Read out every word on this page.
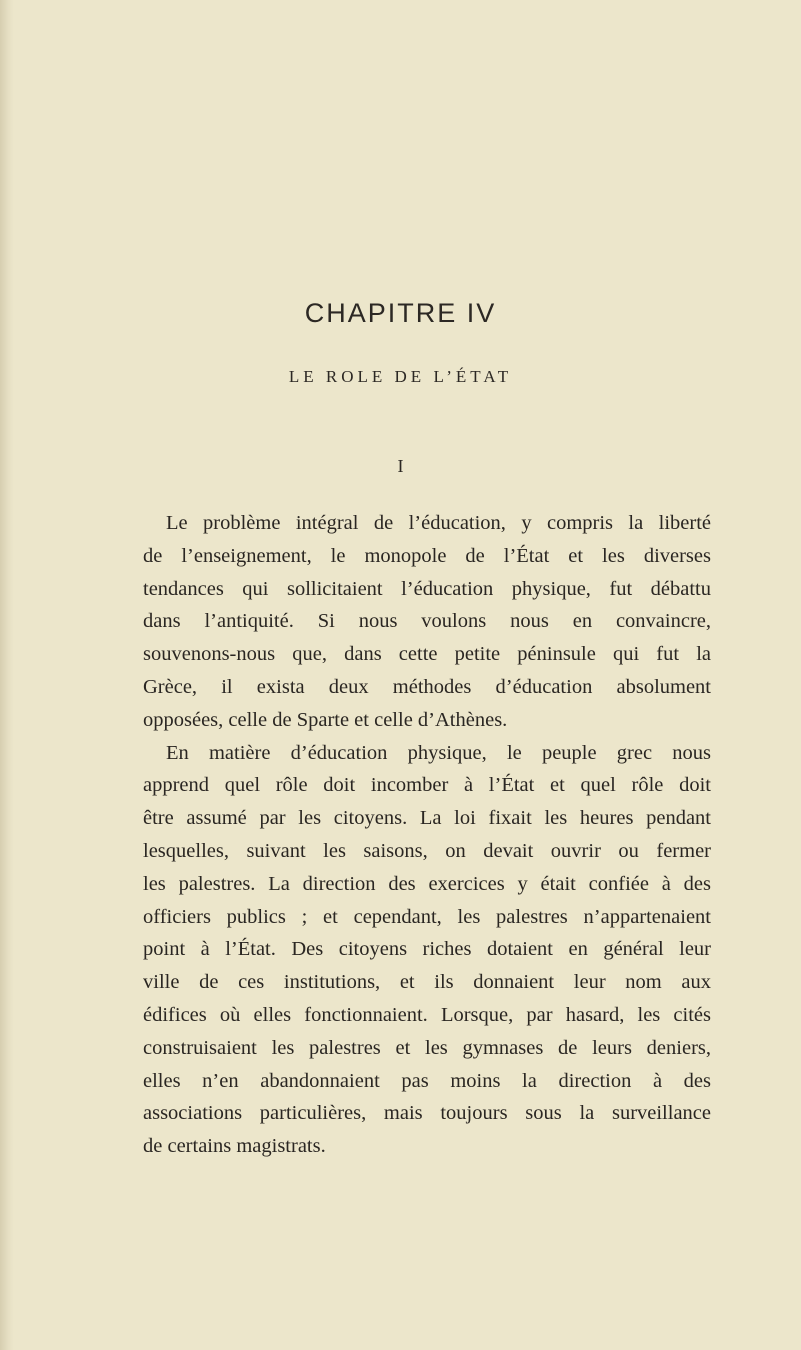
CHAPITRE IV
LE ROLE DE L’ÉTAT
I
Le problème intégral de l’éducation, y compris la liberté
de l’enseignement, le monopole de l’État et les diverses
tendances qui sollicitaient l’éducation physique, fut débattu
dans l’antiquité. Si nous voulons nous en convaincre,
souvenons-nous que, dans cette petite péninsule qui fut la
Grèce, il exista deux méthodes d’éducation absolument
opposées, celle de Sparte et celle d’Athènes.
En matière d’éducation physique, le peuple grec nous
apprend quel rôle doit incomber à l’État et quel rôle doit
être assumé par les citoyens. La loi fixait les heures pendant
lesquelles, suivant les saisons, on devait ouvrir ou fermer
les palestres. La direction des exercices y était confiée à des
officiers publics ; et cependant, les palestres n’appartenaient
point à l’État. Des citoyens riches dotaient en général leur
ville de ces institutions, et ils donnaient leur nom aux
édifices où elles fonctionnaient. Lorsque, par hasard, les cités
construisaient les palestres et les gymnases de leurs deniers,
elles n’en abandonnaient pas moins la direction à des
associations particulières, mais toujours sous la surveillance
de certains magistrats.
